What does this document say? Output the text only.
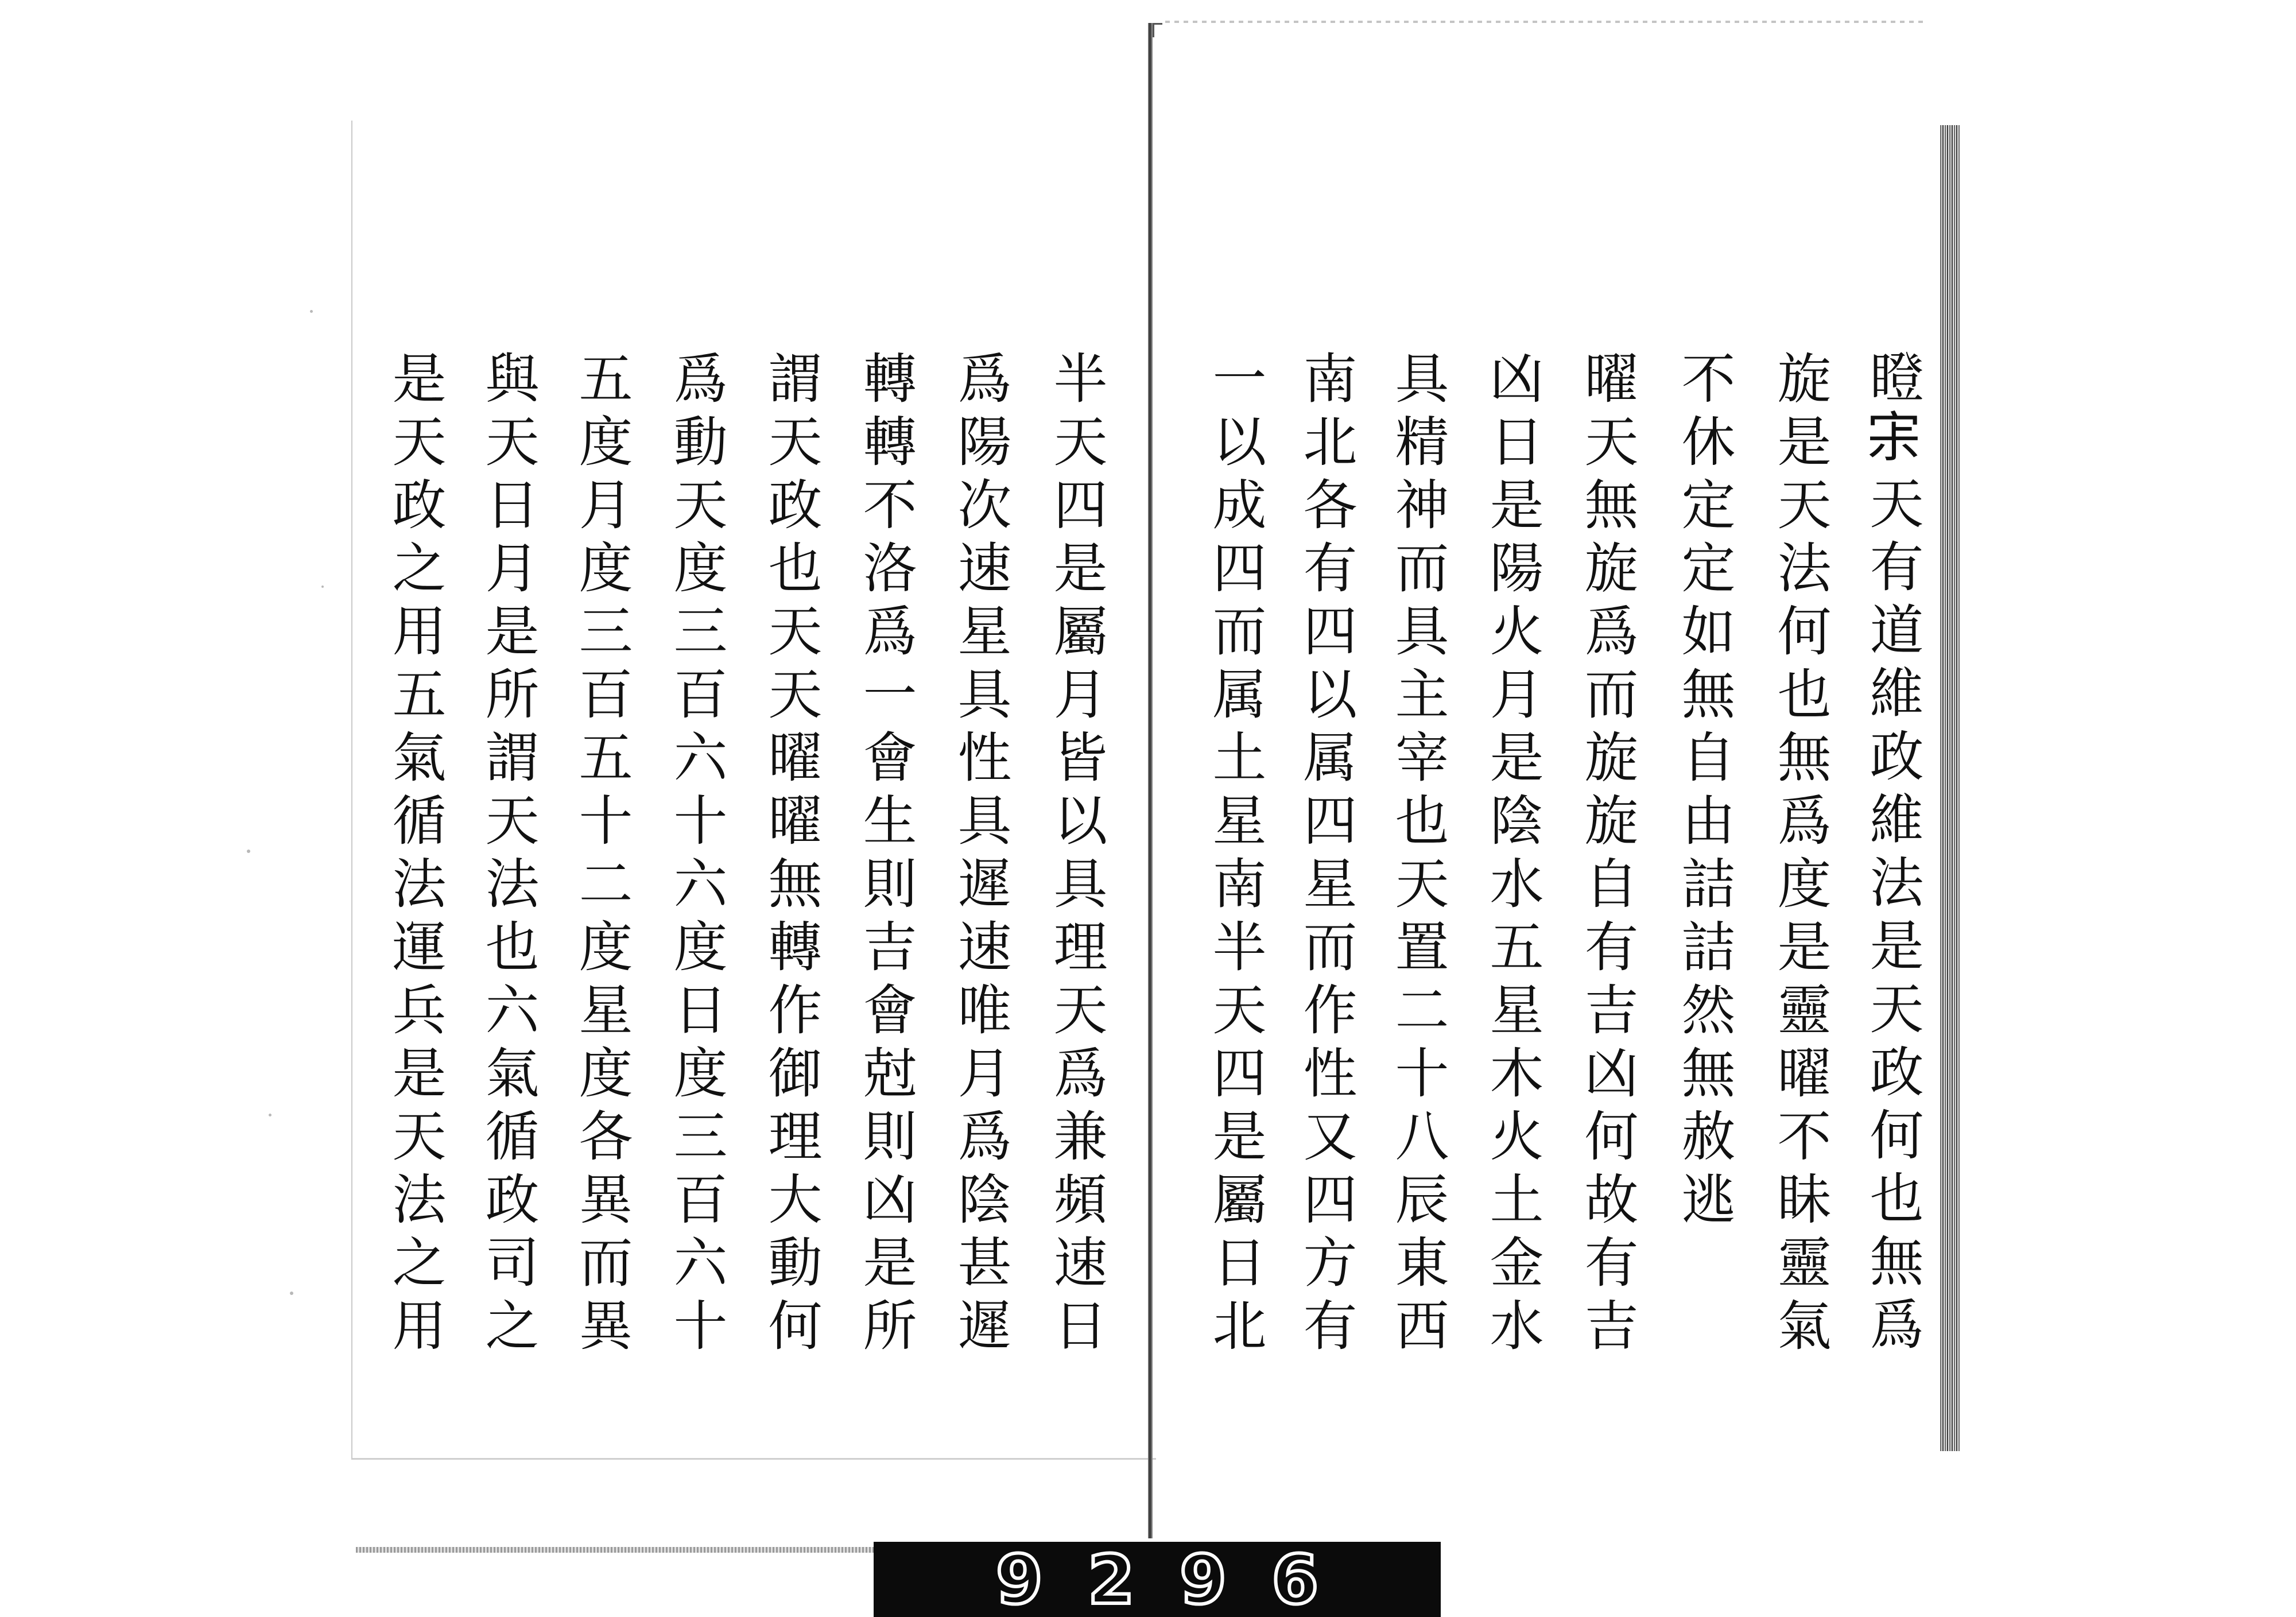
瞪𡧯天有道維政維法是天政何也無爲
旋是天法何也無爲度是靈曜不眛靈氣
不休定定如無自由詰詰然無赦逃
曜天無旋爲而旋旋自有吉凶何故有吉
凶日是陽火月是陰水五星木火土金水
具精神而具主宰也天置二十八辰東西
南北各有四以属四星而作性又四方有
一以成四而属土星南半天四是屬日北
半天四是屬月皆以具理天爲兼頻速日
爲陽次速星具性具遲速唯月爲陰甚遲
轉轉不洛爲一會生則吉會尅則凶是所
謂天政也天天曜曜無轉作御理大動何
爲動天度三百六十六度日度三百六十
五度月度三百五十二度星度各異而異
與天日月是所謂天法也六氣循政司之
是天政之用五氣循法運兵是天法之用
9296
